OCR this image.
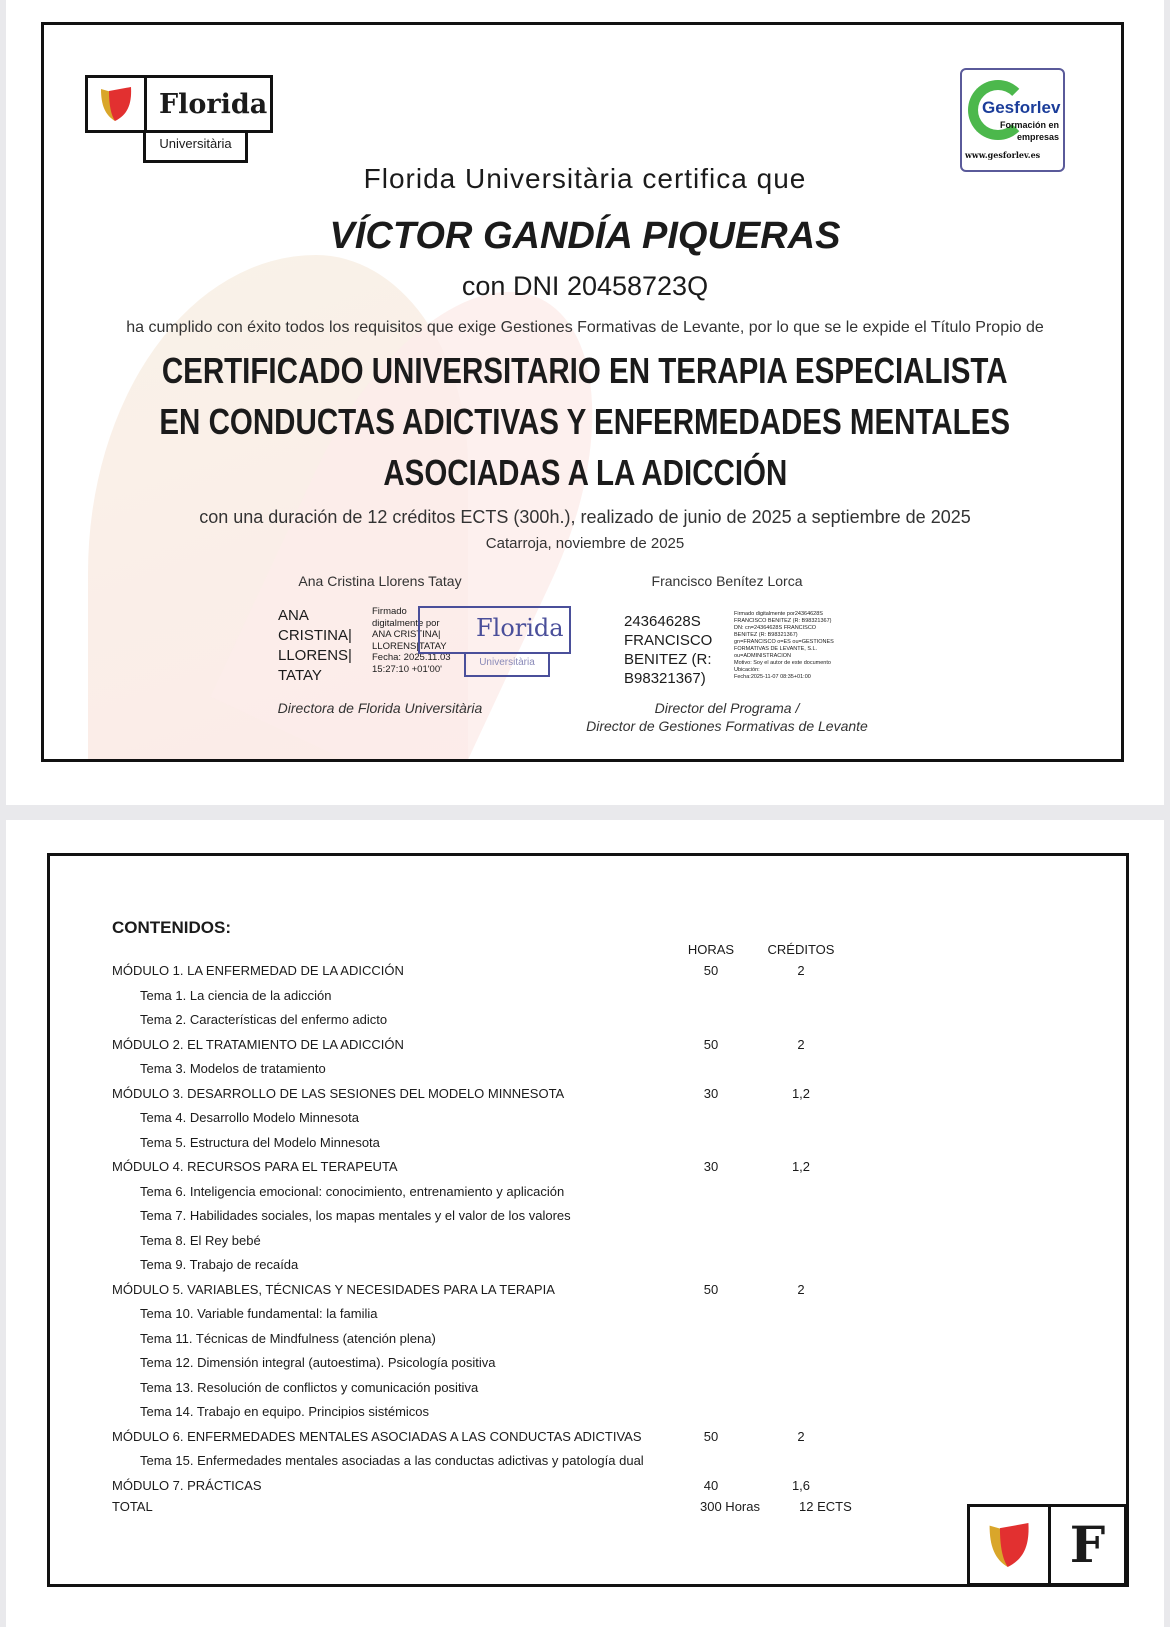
Florida
Universitària
Gesforlev
Formación en
empresas
www.gesforlev.es
Florida Universitària certifica que
VÍCTOR GANDÍA PIQUERAS
con DNI 20458723Q
ha cumplido con éxito todos los requisitos que exige Gestiones Formativas de Levante, por lo que se le expide el Título Propio de
CERTIFICADO UNIVERSITARIO EN TERAPIA ESPECIALISTA
EN CONDUCTAS ADICTIVAS Y ENFERMEDADES MENTALES
ASOCIADAS A LA ADICCIÓN
con una duración de 12 créditos ECTS (300h.), realizado de junio de 2025 a septiembre de 2025
Catarroja, noviembre de 2025
Ana Cristina Llorens Tatay	Francisco Benítez Lorca
ANA
CRISTINA|
LLORENS|
TATAY
Firmado
digitalmente por
ANA CRISTINA|
LLORENS|TATAY
Fecha: 2025.11.03
15:27:10 +01'00'
Florida
Universitària
Directora de Florida Universitària
24364628S
FRANCISCO
BENITEZ (R:
B98321367)
Firmado digitalmente por24364628S
FRANCISCO BENITEZ (R: B98321367)
DN: cn=24364628S FRANCISCO
BENITEZ (R: B98321367)
gn=FRANCISCO o=ES ou=GESTIONES
FORMATIVAS DE LEVANTE, S.L.
ou=ADMINISTRACION
Motivo: Soy el autor de este documento
Ubicación:
Fecha:2025-11-07 08:35+01:00
Director del Programa /
Director de Gestiones Formativas de Levante
CONTENIDOS:
HORAS	CRÉDITOS
MÓDULO 1. LA ENFERMEDAD DE LA ADICCIÓN	50	2
Tema 1. La ciencia de la adicción
Tema 2. Características del enfermo adicto
MÓDULO 2. EL TRATAMIENTO DE LA ADICCIÓN	50	2
Tema 3. Modelos de tratamiento
MÓDULO 3. DESARROLLO DE LAS SESIONES DEL MODELO MINNESOTA	30	1,2
Tema 4. Desarrollo Modelo Minnesota
Tema 5. Estructura del Modelo Minnesota
MÓDULO 4. RECURSOS PARA EL TERAPEUTA	30	1,2
Tema 6. Inteligencia emocional: conocimiento, entrenamiento y aplicación
Tema 7. Habilidades sociales, los mapas mentales y el valor de los valores
Tema 8. El Rey bebé
Tema 9. Trabajo de recaída
MÓDULO 5. VARIABLES, TÉCNICAS Y NECESIDADES PARA LA TERAPIA	50	2
Tema 10. Variable fundamental: la familia
Tema 11. Técnicas de Mindfulness (atención plena)
Tema 12. Dimensión integral (autoestima). Psicología positiva
Tema 13. Resolución de conflictos y comunicación positiva
Tema 14. Trabajo en equipo. Principios sistémicos
MÓDULO 6. ENFERMEDADES MENTALES ASOCIADAS A LAS CONDUCTAS ADICTIVAS	50	2
Tema 15. Enfermedades mentales asociadas a las conductas adictivas y patología dual
MÓDULO 7. PRÁCTICAS	40	1,6
TOTAL	300 Horas	12 ECTS
F
